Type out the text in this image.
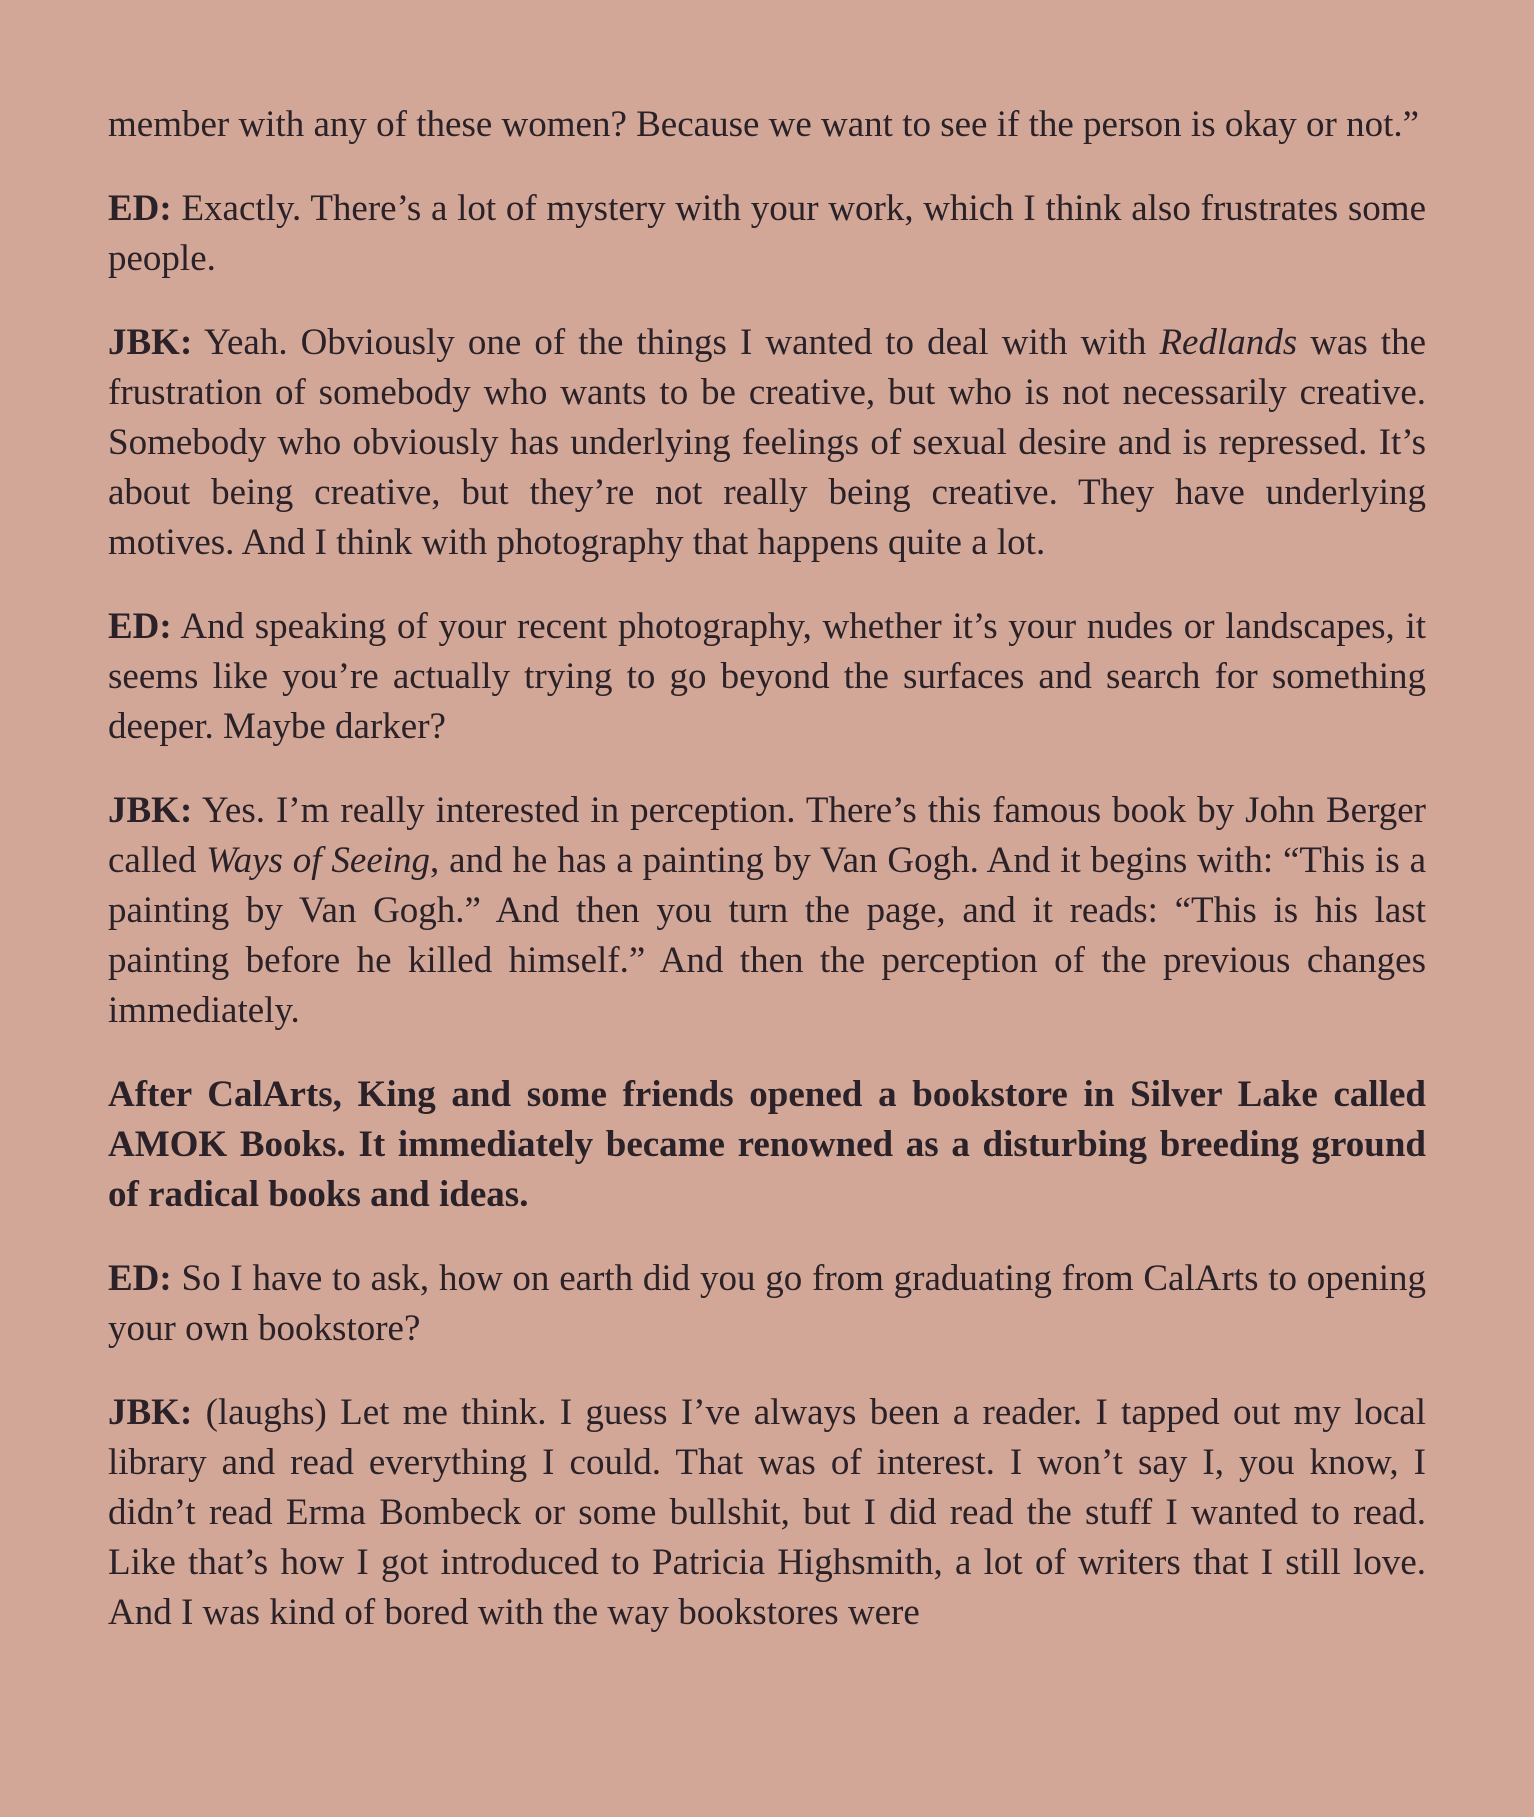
member with any of these women? Because we want to see if the person is okay or not.”

ED: Exactly. There’s a lot of mystery with your work, which I think also frustrates some people.

JBK: Yeah. Obviously one of the things I wanted to deal with with Redlands was the frustration of somebody who wants to be creative, but who is not necessarily creative. Somebody who obviously has underlying feelings of sexual desire and is repressed. It’s about being creative, but they’re not really being creative. They have underlying motives. And I think with photography that happens quite a lot.

ED: And speaking of your recent photography, whether it’s your nudes or landscapes, it seems like you’re actually trying to go beyond the surfaces and search for something deeper. Maybe darker?

JBK: Yes. I’m really interested in perception. There’s this famous book by John Berger called Ways of Seeing, and he has a painting by Van Gogh. And it begins with: “This is a painting by Van Gogh.” And then you turn the page, and it reads: “This is his last painting before he killed himself.” And then the perception of the previous changes immediately.

After CalArts, King and some friends opened a bookstore in Silver Lake called AMOK Books. It immediately became renowned as a disturbing breeding ground of radical books and ideas.

ED: So I have to ask, how on earth did you go from graduating from CalArts to opening your own bookstore?

JBK: (laughs) Let me think. I guess I’ve always been a reader. I tapped out my local library and read everything I could. That was of interest. I won’t say I, you know, I didn’t read Erma Bombeck or some bullshit, but I did read the stuff I wanted to read. Like that’s how I got introduced to Patricia Highsmith, a lot of writers that I still love. And I was kind of bored with the way bookstores were
